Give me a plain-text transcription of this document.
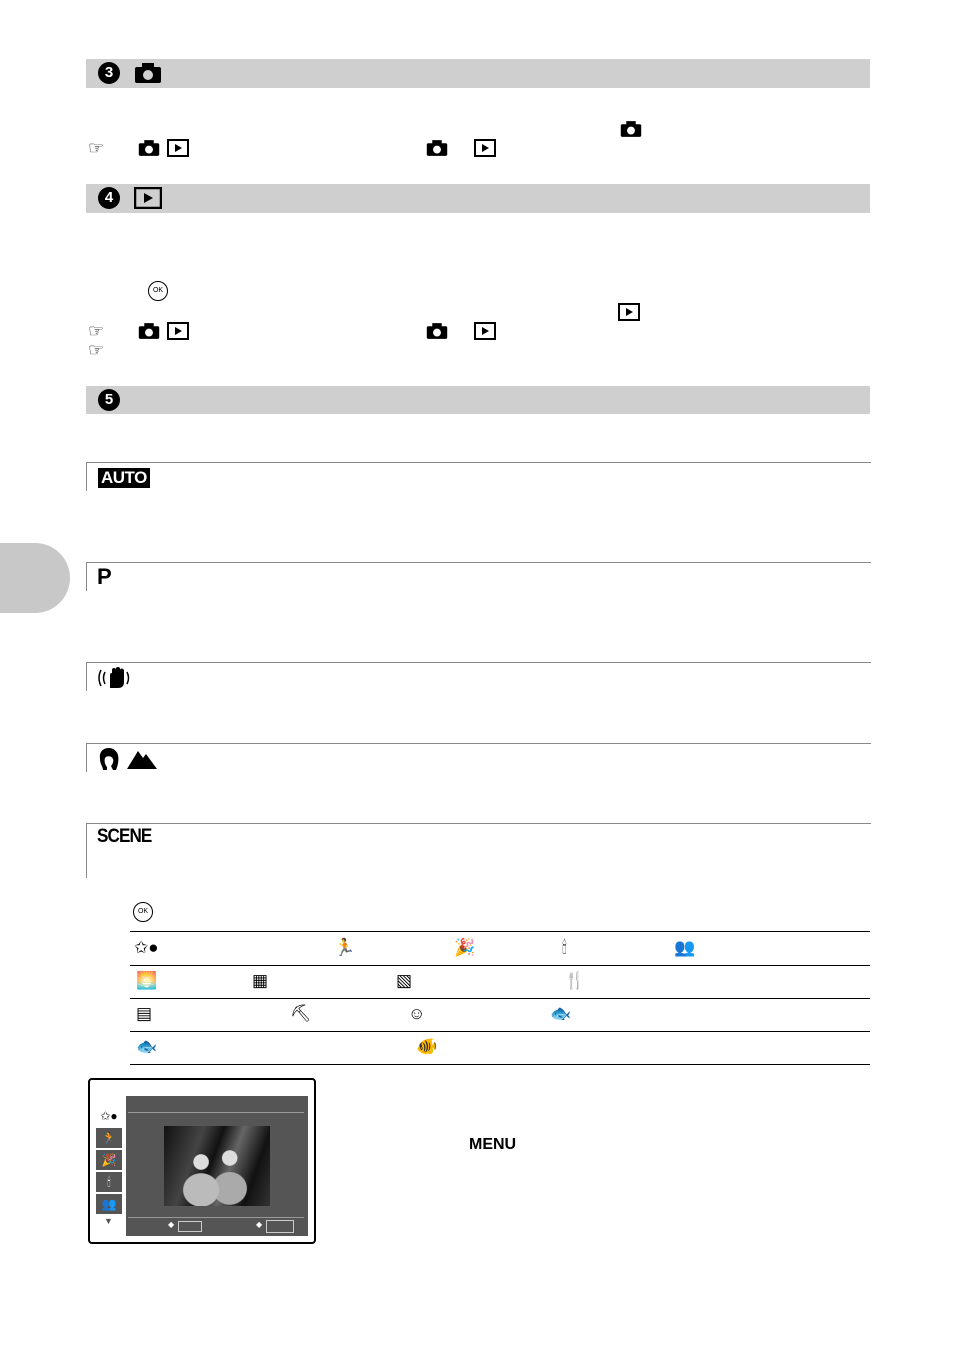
3
☞
4
OK
☞
☞
5
AUTO
P
SCENE
OK
✩●	🏃	🎉	🕯	👥
🌅	▦	▧	🍴
▤	⛏	☺	🐟
🐟	🐠
✩●
🏃
🎉
🕯
👥
▼	◆	◆
MENU
